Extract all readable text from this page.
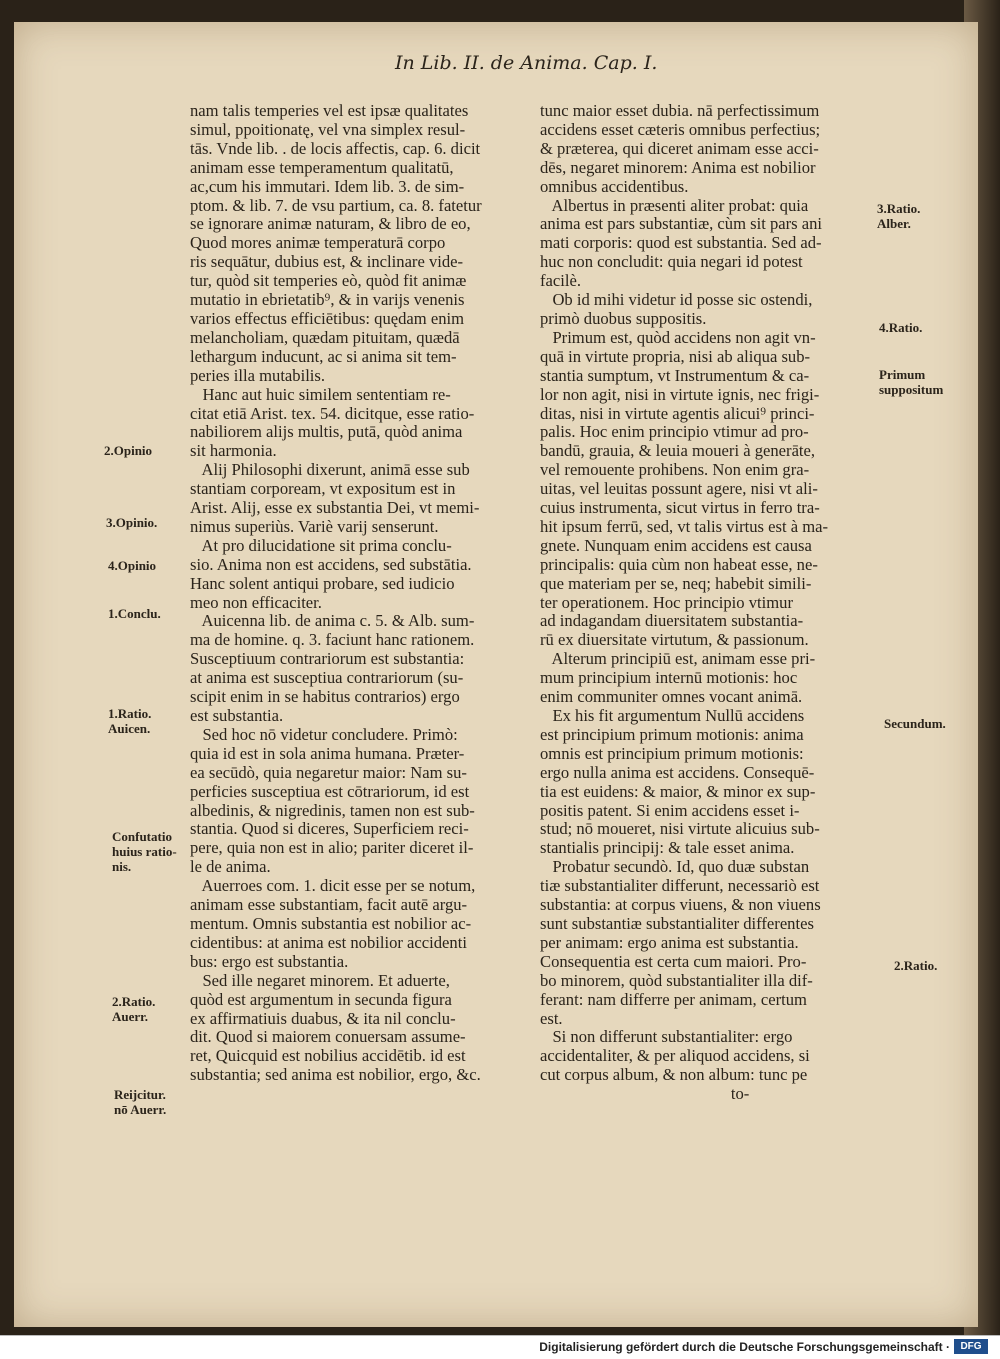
In Lib. II. de Anima. Cap. I.
nam talis temperies vel est ipsæ qualitates
simul, ppoitionatę, vel vna simplex resul-
tās. Vnde lib. . de locis affectis, cap. 6. dicit
animam esse temperamentum qualitatū,
ac,cum his immutari. Idem lib. 3. de sim-
ptom. & lib. 7. de vsu partium, ca. 8. fatetur
se ignorare animæ naturam, & libro de eo,
Quod mores animæ temperaturā corpo
ris sequātur, dubius est, & inclinare vide-
tur, quòd sit temperies eò, quòd fit animæ
mutatio in ebrietatib⁹, & in varijs venenis
varios effectus efficiētibus: quędam enim
melancholiam, quædam pituitam, quædā
lethargum inducunt, ac si anima sit tem-
peries illa mutabilis.
Hanc aut huic similem sententiam re-
citat etiā Arist. tex. 54. dicitque, esse ratio-
nabiliorem alijs multis, putā, quòd anima
sit harmonia.
Alij Philosophi dixerunt, animā esse sub
stantiam corpoream, vt expositum est in
Arist. Alij, esse ex substantia Dei, vt memi-
nimus superiùs. Variè varij senserunt.
At pro dilucidatione sit prima conclu-
sio. Anima non est accidens, sed substātia.
Hanc solent antiqui probare, sed iudicio
meo non efficaciter.
Auicenna lib. de anima c. 5. & Alb. sum-
ma de homine. q. 3. faciunt hanc rationem.
Susceptiuum contrariorum est substantia:
at anima est susceptiua contrariorum (su-
scipit enim in se habitus contrarios) ergo
est substantia.
Sed hoc nō videtur concludere. Primò:
quia id est in sola anima humana. Præter-
ea secūdò, quia negaretur maior: Nam su-
perficies susceptiua est cōtrariorum, id est
albedinis, & nigredinis, tamen non est sub-
stantia. Quod si diceres, Superficiem reci-
pere, quia non est in alio; pariter diceret il-
le de anima.
Auerroes com. 1. dicit esse per se notum,
animam esse substantiam, facit autē argu-
mentum. Omnis substantia est nobilior ac-
cidentibus: at anima est nobilior accidenti
bus: ergo est substantia.
Sed ille negaret minorem. Et aduerte,
quòd est argumentum in secunda figura
ex affirmatiuis duabus, & ita nil conclu-
dit. Quod si maiorem conuersam assume-
ret, Quicquid est nobilius accidētib. id est
substantia; sed anima est nobilior, ergo, &c.
tunc maior esset dubia. nā perfectissimum
accidens esset cæteris omnibus perfectius;
& præterea, qui diceret animam esse acci-
dēs, negaret minorem: Anima est nobilior
omnibus accidentibus.
Albertus in præsenti aliter probat: quia
anima est pars substantiæ, cùm sit pars ani
mati corporis: quod est substantia. Sed ad-
huc non concludit: quia negari id potest
facilè.
Ob id mihi videtur id posse sic ostendi,
primò duobus suppositis.
Primum est, quòd accidens non agit vn-
quā in virtute propria, nisi ab aliqua sub-
stantia sumptum, vt Instrumentum & ca-
lor non agit, nisi in virtute ignis, nec frigi-
ditas, nisi in virtute agentis alicui⁹ princi-
palis. Hoc enim principio vtimur ad pro-
bandū, grauia, & leuia moueri à generāte,
vel remouente prohibens. Non enim gra-
uitas, vel leuitas possunt agere, nisi vt ali-
cuius instrumenta, sicut virtus in ferro tra-
hit ipsum ferrū, sed, vt talis virtus est à ma-
gnete. Nunquam enim accidens est causa
principalis: quia cùm non habeat esse, ne-
que materiam per se, neq; habebit simili-
ter operationem. Hoc principio vtimur
ad indagandam diuersitatem substantia-
rū ex diuersitate virtutum, & passionum.
Alterum principiū est, animam esse pri-
mum principium internū motionis: hoc
enim communiter omnes vocant animā.
Ex his fit argumentum Nullū accidens
est principium primum motionis: anima
omnis est principium primum motionis:
ergo nulla anima est accidens. Consequē-
tia est euidens: & maior, & minor ex sup-
positis patent. Si enim accidens esset i-
stud; nō moueret, nisi virtute alicuius sub-
stantialis principij: & tale esset anima.
Probatur secundò. Id, quo duæ substan
tiæ substantialiter differunt, necessariò est
substantia: at corpus viuens, & non viuens
sunt substantiæ substantialiter differentes
per animam: ergo anima est substantia.
Consequentia est certa cum maiori. Pro-
bo minorem, quòd substantialiter illa dif-
ferant: nam differre per animam, certum
est.
Si non differunt substantialiter: ergo
accidentaliter, & per aliquod accidens, si
cut corpus album, & non album: tunc pe
to-
2.Opinio
3.Opinio.
4.Opinio
1.Conclu.
1.Ratio.
Auicen.
Confutatio
huius ratio-
nis.
2.Ratio.
Auerr.
Reijcitur.
nō Auerr.
3.Ratio.
Alber.
4.Ratio.
Primum
suppositum
Secundum.
2.Ratio.
Digitalisierung gefördert durch die Deutsche Forschungsgemeinschaft ·	DFG
